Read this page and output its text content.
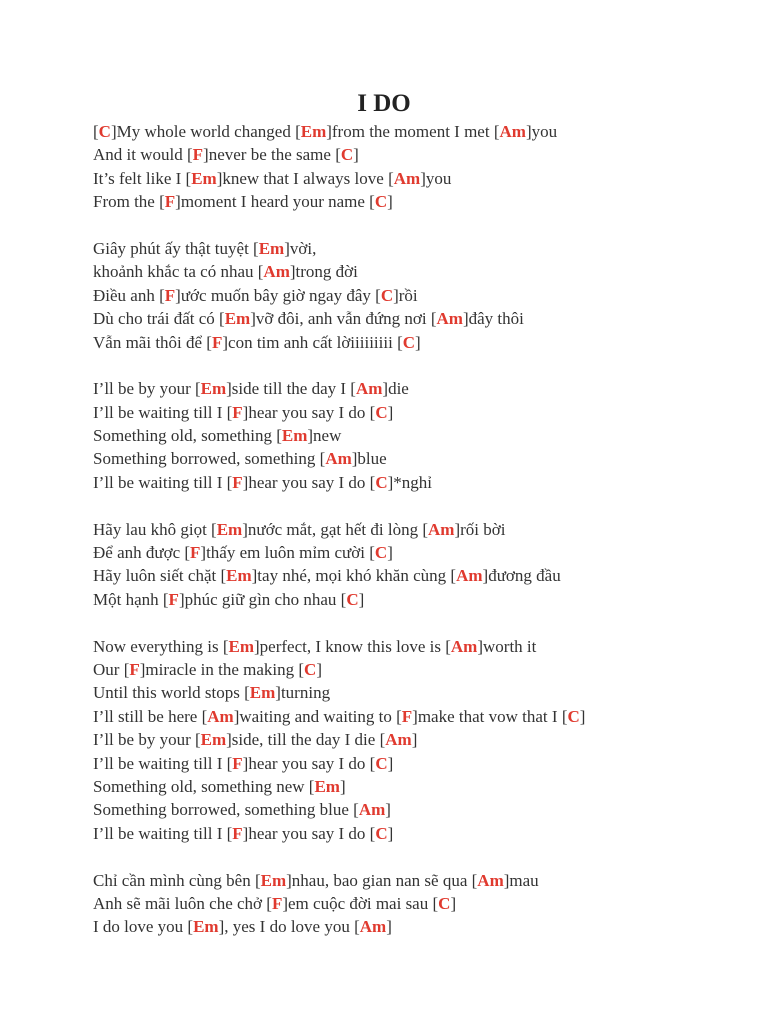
I DO
[C]My whole world changed [Em]from the moment I met [Am]you
And it would [F]never be the same [C]
It’s felt like I [Em]knew that I always love [Am]you
From the [F]moment I heard your name [C]
Giây phút ấy thật tuyệt [Em]vời,
khoảnh khắc ta có nhau [Am]trong đời
Điều anh [F]ước muốn bây giờ ngay đây [C]rồi
Dù cho trái đất có [Em]vỡ đôi, anh vẫn đứng nơi [Am]đây thôi
Vẫn mãi thôi để [F]con tim anh cất lờiiiiiiiii [C]
I’ll be by your [Em]side till the day I [Am]die
I’ll be waiting till I [F]hear you say I do [C]
Something old, something [Em]new
Something borrowed, something [Am]blue
I’ll be waiting till I [F]hear you say I do [C]*nghỉ
Hãy lau khô giọt [Em]nước mắt, gạt hết đi lòng [Am]rối bời
Để anh được [F]thấy em luôn mỉm cười [C]
Hãy luôn siết chặt [Em]tay nhé, mọi khó khăn cùng [Am]đương đầu
Một hạnh [F]phúc giữ gìn cho nhau [C]
Now everything is [Em]perfect, I know this love is [Am]worth it
Our [F]miracle in the making [C]
Until this world stops [Em]turning
I’ll still be here [Am]waiting and waiting to [F]make that vow that I [C]
I’ll be by your [Em]side, till the day I die [Am]
I’ll be waiting till I [F]hear you say I do [C]
Something old, something new [Em]
Something borrowed, something blue [Am]
I’ll be waiting till I [F]hear you say I do [C]
Chỉ cần mình cùng bên [Em]nhau, bao gian nan sẽ qua [Am]mau
Anh sẽ mãi luôn che chở [F]em cuộc đời mai sau [C]
I do love you [Em], yes I do love you [Am]
